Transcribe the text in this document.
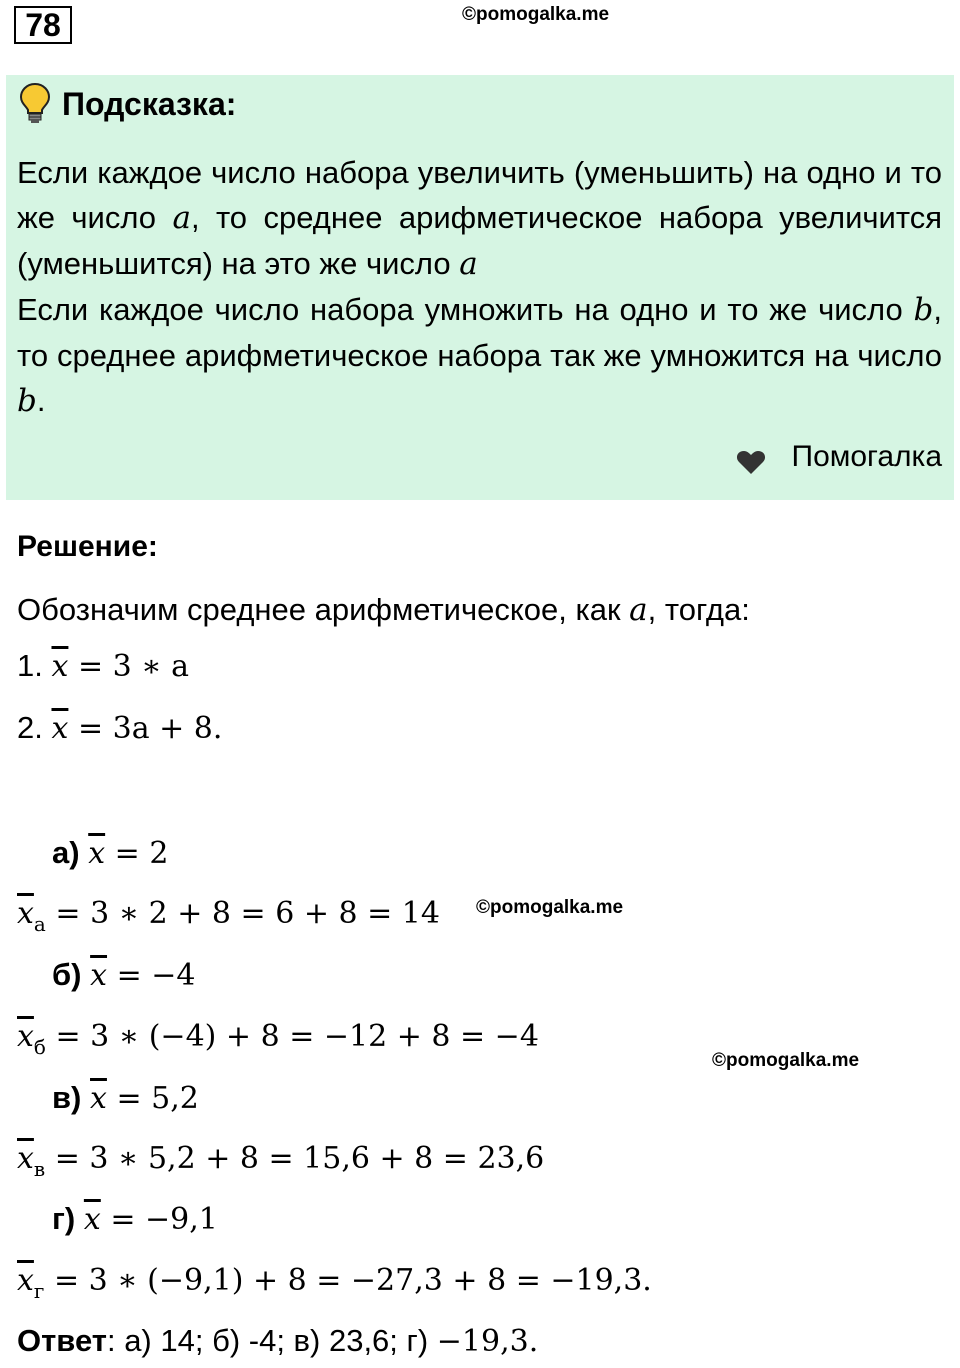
78	©pomogalka.me
Подсказка:
Если каждое число набора увеличить (уменьшить) на одно и то же число a, то среднее арифметическое набора увеличится (уменьшится) на это же число a
Если каждое число набора умножить на одно и то же число b, то среднее арифметическое набора так же умножится на число b.
Помогалка
Решение:
Обозначим среднее арифметическое, как a, тогда:
1. $\overline{x} = 3$ ∗ a
2. $\overline{x} = 3a + 8$.
а) $\overline{x} = 2$
$\overline{x}_а = 3$ ∗ 2 + 8 = 6 + 8 = 14 ©pomogalka.me
б) $\overline{x} = -4$
$\overline{x}_б = 3$ ∗ (−4) + 8 = −12 + 8 = −4
©pomogalka.me
в) $\overline{x} = 5,2$
$\overline{x}_в = 3$ ∗ 5,2 + 8 = 15,6 + 8 = 23,6
г) $\overline{x} = -9,1$
$\overline{x}_г = 3$ ∗ (−9,1) + 8 = −27,3 + 8 = −19,3.
Ответ: а) 14; б) -4; в) 23,6; г) −19,3.
